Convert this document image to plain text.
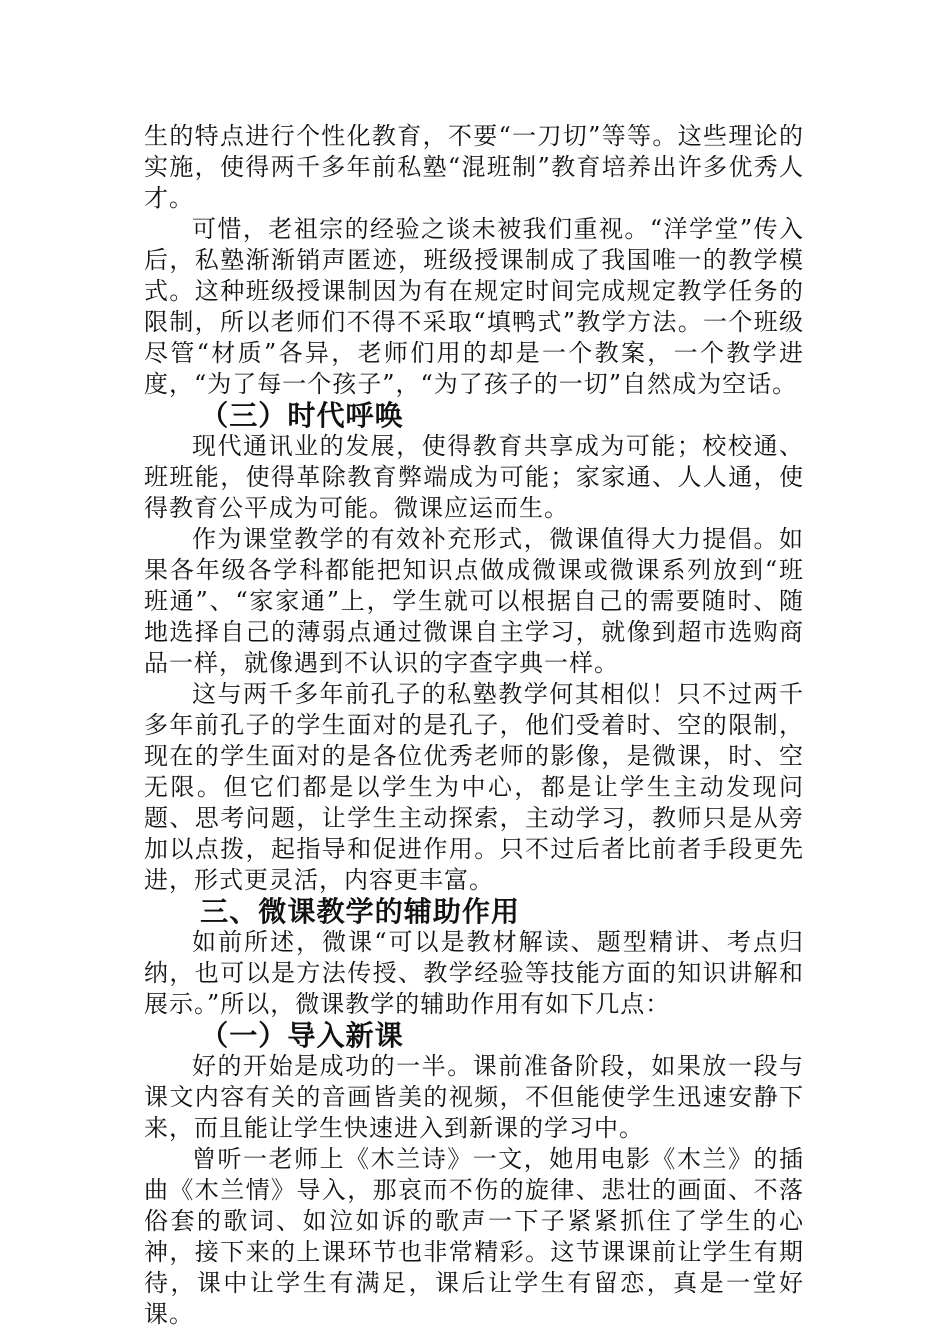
生的特点进行个性化教育，不要“一刀切”等等。这些理论的实施，使得两千多年前私塾“混班制”教育培养出许多优秀人才。

可惜，老祖宗的经验之谈未被我们重视。“洋学堂”传入后，私塾渐渐销声匿迹，班级授课制成了我国唯一的教学模式。这种班级授课制因为有在规定时间完成规定教学任务的限制，所以老师们不得不采取“填鸭式”教学方法。一个班级尽管“材质”各异，老师们用的却是一个教案，一个教学进度，“为了每一个孩子”，“为了孩子的一切”自然成为空话。

（三）时代呼唤

现代通讯业的发展，使得教育共享成为可能；校校通、班班能，使得革除教育弊端成为可能；家家通、人人通，使得教育公平成为可能。微课应运而生。

作为课堂教学的有效补充形式，微课值得大力提倡。如果各年级各学科都能把知识点做成微课或微课系列放到“班班通”、“家家通”上，学生就可以根据自己的需要随时、随地选择自己的薄弱点通过微课自主学习，就像到超市选购商品一样，就像遇到不认识的字查字典一样。

这与两千多年前孔子的私塾教学何其相似！只不过两千多年前孔子的学生面对的是孔子，他们受着时、空的限制，现在的学生面对的是各位优秀老师的影像，是微课，时、空无限。但它们都是以学生为中心，都是让学生主动发现问题、思考问题，让学生主动探索，主动学习，教师只是从旁加以点拨，起指导和促进作用。只不过后者比前者手段更先进，形式更灵活，内容更丰富。

三、微课教学的辅助作用

如前所述，微课“可以是教材解读、题型精讲、考点归纳，也可以是方法传授、教学经验等技能方面的知识讲解和展示。”所以，微课教学的辅助作用有如下几点：

（一）导入新课

好的开始是成功的一半。课前准备阶段，如果放一段与课文内容有关的音画皆美的视频，不但能使学生迅速安静下来，而且能让学生快速进入到新课的学习中。

曾听一老师上《木兰诗》一文，她用电影《木兰》的插曲《木兰情》导入，那哀而不伤的旋律、悲壮的画面、不落俗套的歌词、如泣如诉的歌声一下子紧紧抓住了学生的心神，接下来的上课环节也非常精彩。这节课课前让学生有期待，课中让学生有满足，课后让学生有留恋，真是一堂好课。
